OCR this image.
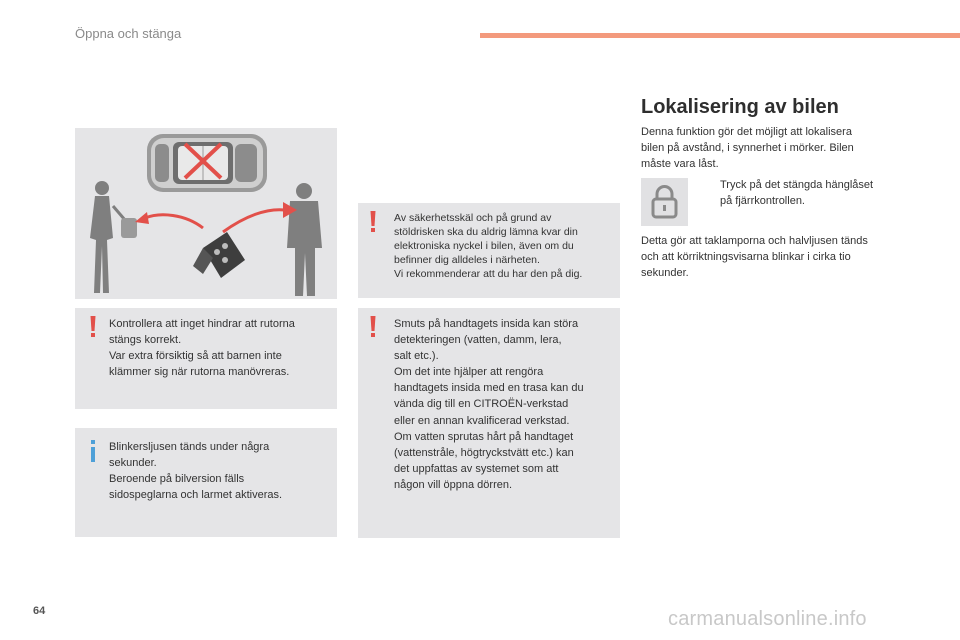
Öppna och stänga
Kontrollera att inget hindrar att rutorna
stängs korrekt.
Var extra försiktig så att barnen inte
klämmer sig när rutorna manövreras.
Blinkersljusen tänds under några
sekunder.
Beroende på bilversion fälls
sidospeglarna och larmet aktiveras.
Av säkerhetsskäl och på grund av
stöldrisken ska du aldrig lämna kvar din
elektroniska nyckel i bilen, även om du
befinner dig alldeles i närheten.
Vi rekommenderar att du har den på dig.
Smuts på handtagets insida kan störa
detekteringen (vatten, damm, lera,
salt etc.).
Om det inte hjälper att rengöra
handtagets insida med en trasa kan du
vända dig till en CITROËN-verkstad
eller en annan kvalificerad verkstad.
Om vatten sprutas hårt på handtaget
(vattenstråle, högtryckstvätt etc.) kan
det uppfattas av systemet som att
någon vill öppna dörren.
Lokalisering av bilen
Denna funktion gör det möjligt att lokalisera
bilen på avstånd, i synnerhet i mörker. Bilen
måste vara låst.
Tryck på det stängda hänglåset
på fjärrkontrollen.
Detta gör att taklamporna och halvljusen tänds
och att körriktningsvisarna blinkar i cirka tio
sekunder.
64	carmanualsonline.info
